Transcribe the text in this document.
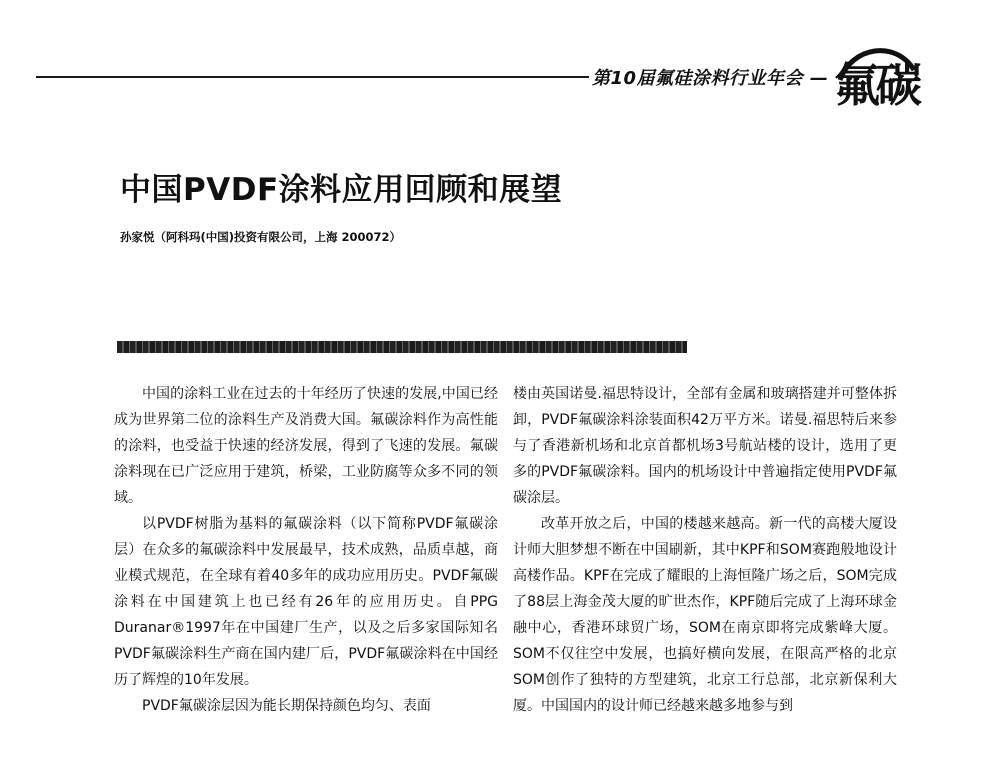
第10届氟硅涂料行业年会 — 氟碳
中国PVDF涂料应用回顾和展望
孙家悦（阿科玛(中国)投资有限公司，上海 200072）

中国的涂料工业在过去的十年经历了快速的发展,中国已经成为世界第二位的涂料生产及消费大国。氟碳涂料作为高性能的涂料，也受益于快速的经济发展，得到了飞速的发展。氟碳涂料现在已广泛应用于建筑，桥梁，工业防腐等众多不同的领域。

以PVDF树脂为基料的氟碳涂料（以下简称PVDF氟碳涂层）在众多的氟碳涂料中发展最早，技术成熟，品质卓越，商业模式规范，在全球有着40多年的成功应用历史。PVDF氟碳涂料在中国建筑上也已经有26年的应用历史。自PPG Duranar®1997年在中国建厂生产，以及之后多家国际知名PVDF氟碳涂料生产商在国内建厂后，PVDF氟碳涂料在中国经历了辉煌的10年发展。

PVDF氟碳涂层因为能长期保持颜色均匀、表面

楼由英国诺曼.福思特设计，全部有金属和玻璃搭建并可整体拆卸，PVDF氟碳涂料涂装面积42万平方米。诺曼.福思特后来参与了香港新机场和北京首都机场3号航站楼的设计，选用了更多的PVDF氟碳涂料。国内的机场设计中普遍指定使用PVDF氟碳涂层。

改革开放之后，中国的楼越来越高。新一代的高楼大厦设计师大胆梦想不断在中国刷新，其中KPF和SOM赛跑般地设计高楼作品。KPF在完成了耀眼的上海恒隆广场之后，SOM完成了88层上海金茂大厦的旷世杰作，KPF随后完成了上海环球金融中心，香港环球贸广场，SOM在南京即将完成紫峰大厦。SOM不仅往空中发展，也搞好横向发展，在限高严格的北京SOM创作了独特的方型建筑，北京工行总部，北京新保利大厦。中国国内的设计师已经越来越多地参与到
